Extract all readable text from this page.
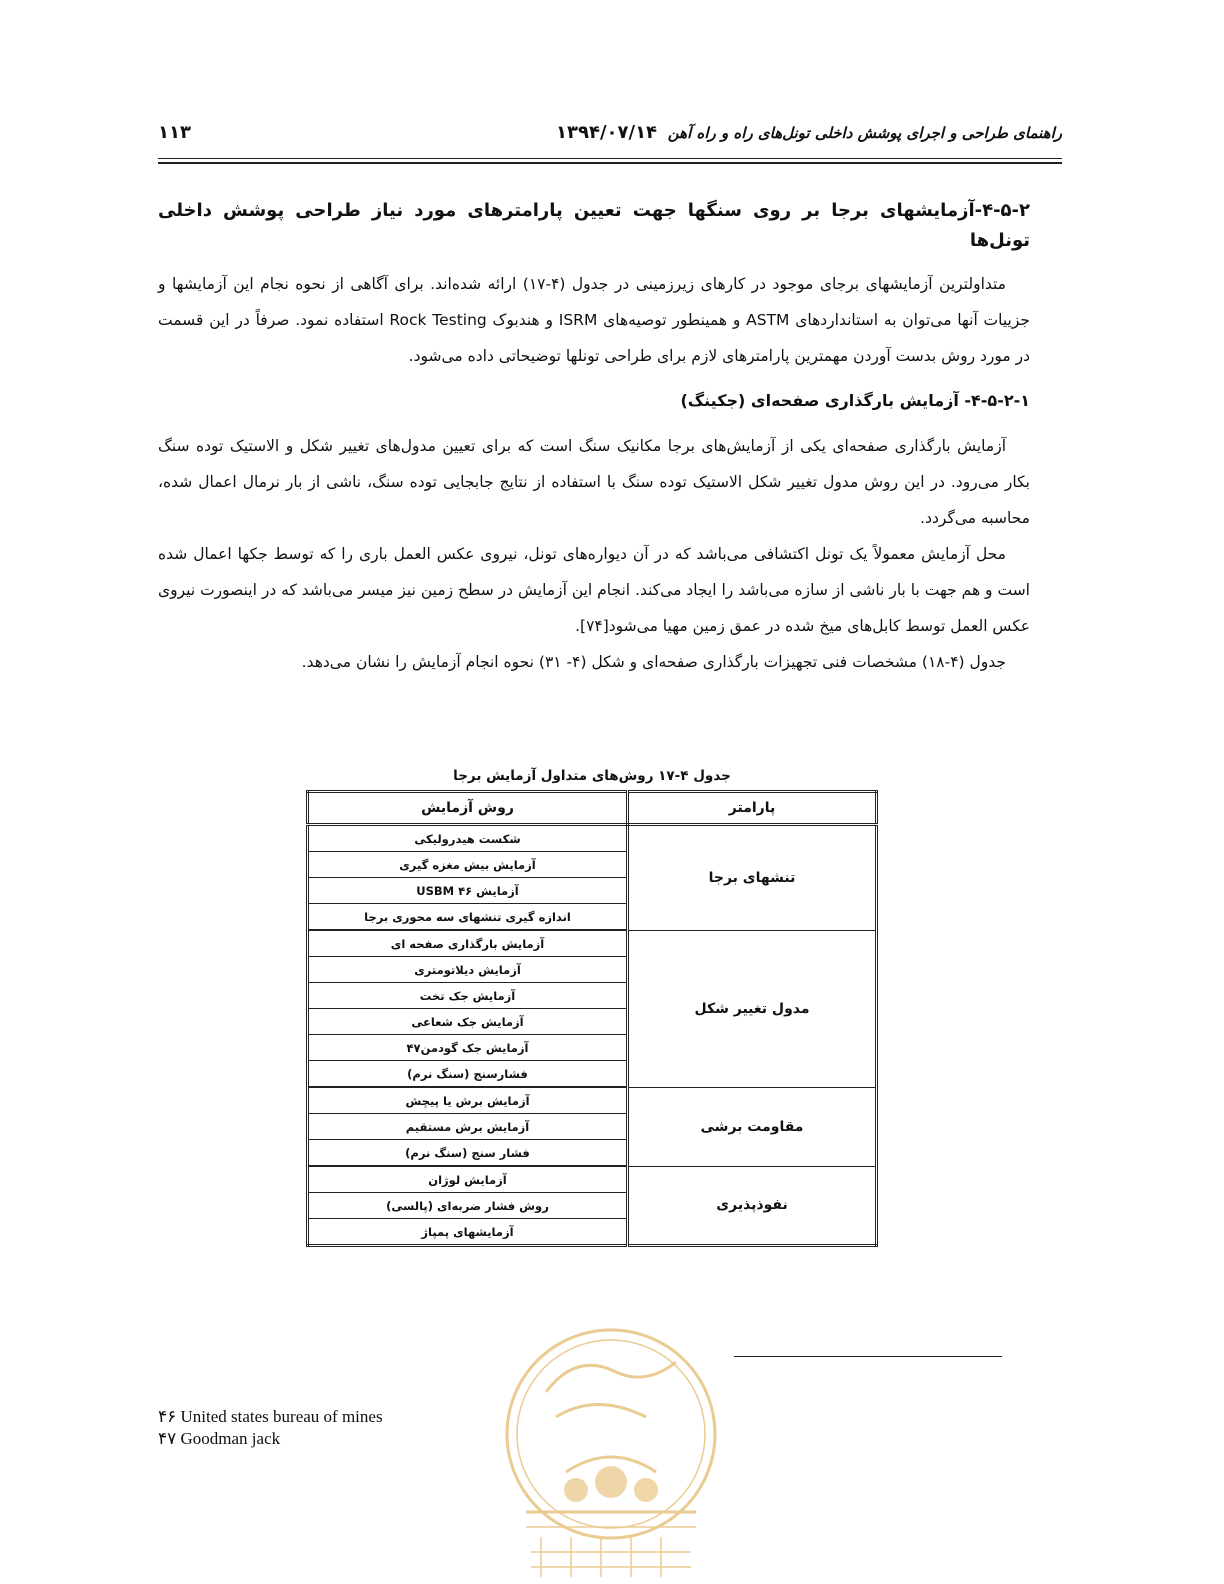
راهنمای طراحی و اجرای پوشش داخلی تونل‌های راه و راه آهن
۱۳۹۴/۰۷/۱۴
۱۱۳
۴-۵-۲-آزمایشهای برجا بر روی سنگها جهت تعیین پارامترهای مورد نیاز طراحی پوشش داخلی تونل‌ها

متداولترین آزمایشهای برجای موجود در کارهای زیرزمینی در جدول (۴-۱۷) ارائه شده‌اند. برای آگاهی از نحوه نجام این آزمایشها و جزییات آنها می‌توان به استانداردهای ASTM و همینطور توصیه‌های ISRM و هندبوک Rock Testing استفاده نمود. صرفاً در این قسمت در مورد روش بدست آوردن مهمترین پارامترهای لازم برای طراحی تونلها توضیحاتی داده می‌شود.

۴-۵-۲-۱- آزمایش بارگذاری صفحه‌ای (جکینگ)

آزمایش بارگذاری صفحه‌ای یکی از آزمایش‌های برجا مکانیک سنگ است که برای تعیین مدول‌های تغییر شکل و الاستیک توده سنگ بکار می‌رود. در این روش مدول تغییر شکل الاستیک توده سنگ با استفاده از نتایج جابجایی توده سنگ، ناشی از بار نرمال اعمال شده، محاسبه می‌گردد.

محل آزمایش معمولاً یک تونل اکتشافی می‌باشد که در آن دیواره‌های تونل، نیروی عکس العمل باری را که توسط جکها اعمال شده است و هم جهت با بار ناشی از سازه می‌باشد را ایجاد می‌کند. انجام این آزمایش در سطح زمین نیز میسر می‌باشد که در اینصورت نیروی عکس العمل توسط کابل‌های میخ شده در عمق زمین مهیا می‌شود[۷۴].

جدول (۴-۱۸) مشخصات فنی تجهیزات بارگذاری صفحه‌ای و شکل (۴- ۳۱) نحوه انجام آزمایش را نشان می‌دهد.

جدول ۴-۱۷ روش‌های متداول آزمایش برجا
پارامتر	روش آزمایش
تنشهای برجا	شکست هیدرولیکی
	آزمایش بیش مغزه گیری
	آزمایش ۴۶ USBM
	اندازه گیری تنشهای سه محوری برجا
مدول تغییر شکل	آزمایش بارگذاری صفحه ای
	آزمایش دیلاتومتری
	آزمایش جک تخت
	آزمایش جک شعاعی
	آزمایش جک گودمن۴۷
	فشارسنج (سنگ نرم)
مقاومت برشی	آزمایش برش یا پیچش
	آزمایش برش مستقیم
	فشار سنج (سنگ نرم)
نفوذپذیری	آزمایش لوژان
	روش فشار ضربه‌ای (پالسی)
	آزمایشهای پمپاژ
۴۶ United states bureau of mines
۴۷ Goodman jack
